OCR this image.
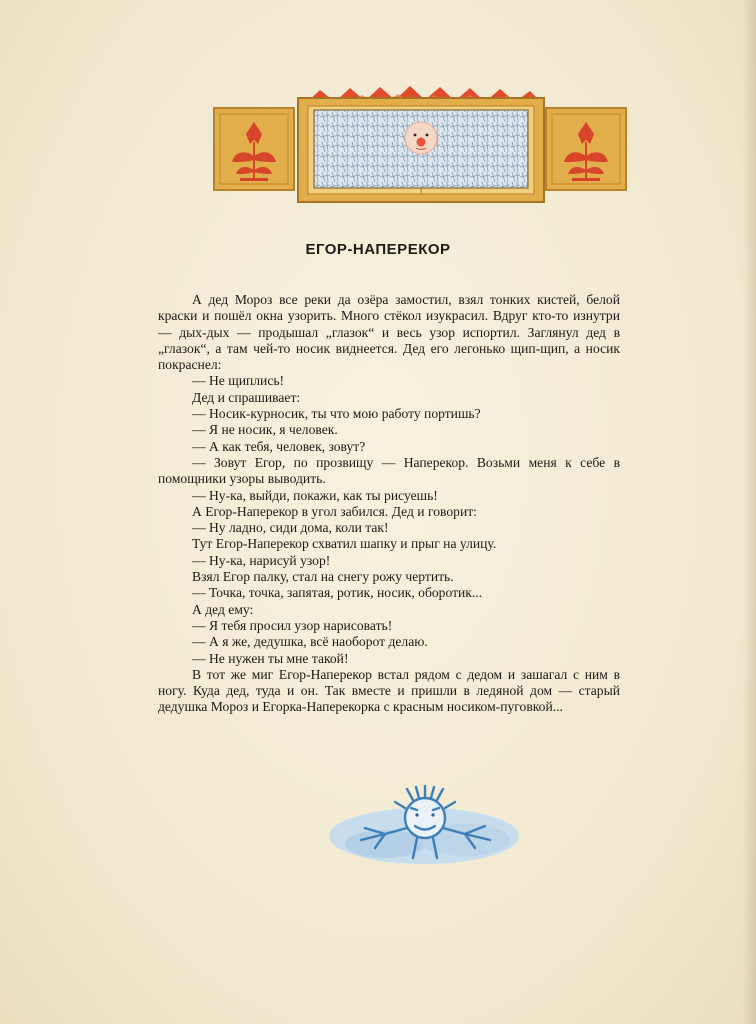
ЕГОР-НАПЕРЕКОР

А дед Мороз все реки да озёра замостил, взял тонких кистей, белой краски и пошёл окна узорить. Много стёкол изукрасил. Вдруг кто-то изнутри — дых-дых — продышал „глазок“ и весь узор испортил. Заглянул дед в „глазок“, а там чей-то носик виднеется. Дед его легонько щип-щип, а носик покраснел:

— Не щиплись!

Дед и спрашивает:

— Носик-курносик, ты что мою работу портишь?

— Я не носик, я человек.

— А как тебя, человек, зовут?

— Зовут Егор, по прозвищу — Наперекор. Возьми меня к себе в помощники узоры выводить.

— Ну-ка, выйди, покажи, как ты рисуешь!

А Егор-Наперекор в угол забился. Дед и говорит:

— Ну ладно, сиди дома, коли так!

Тут Егор-Наперекор схватил шапку и прыг на улицу.

— Ну-ка, нарисуй узор!

Взял Егор палку, стал на снегу рожу чертить.

— Точка, точка, запятая, ротик, носик, оборотик...

А дед ему:

— Я тебя просил узор нарисовать!

— А я же, дедушка, всё наоборот делаю.

— Не нужен ты мне такой!

В тот же миг Егор-Наперекор встал рядом с дедом и зашагал с ним в ногу. Куда дед, туда и он. Так вместе и пришли в ледяной дом — старый дедушка Мороз и Егорка-Наперекорка с красным носиком-пуговкой...
